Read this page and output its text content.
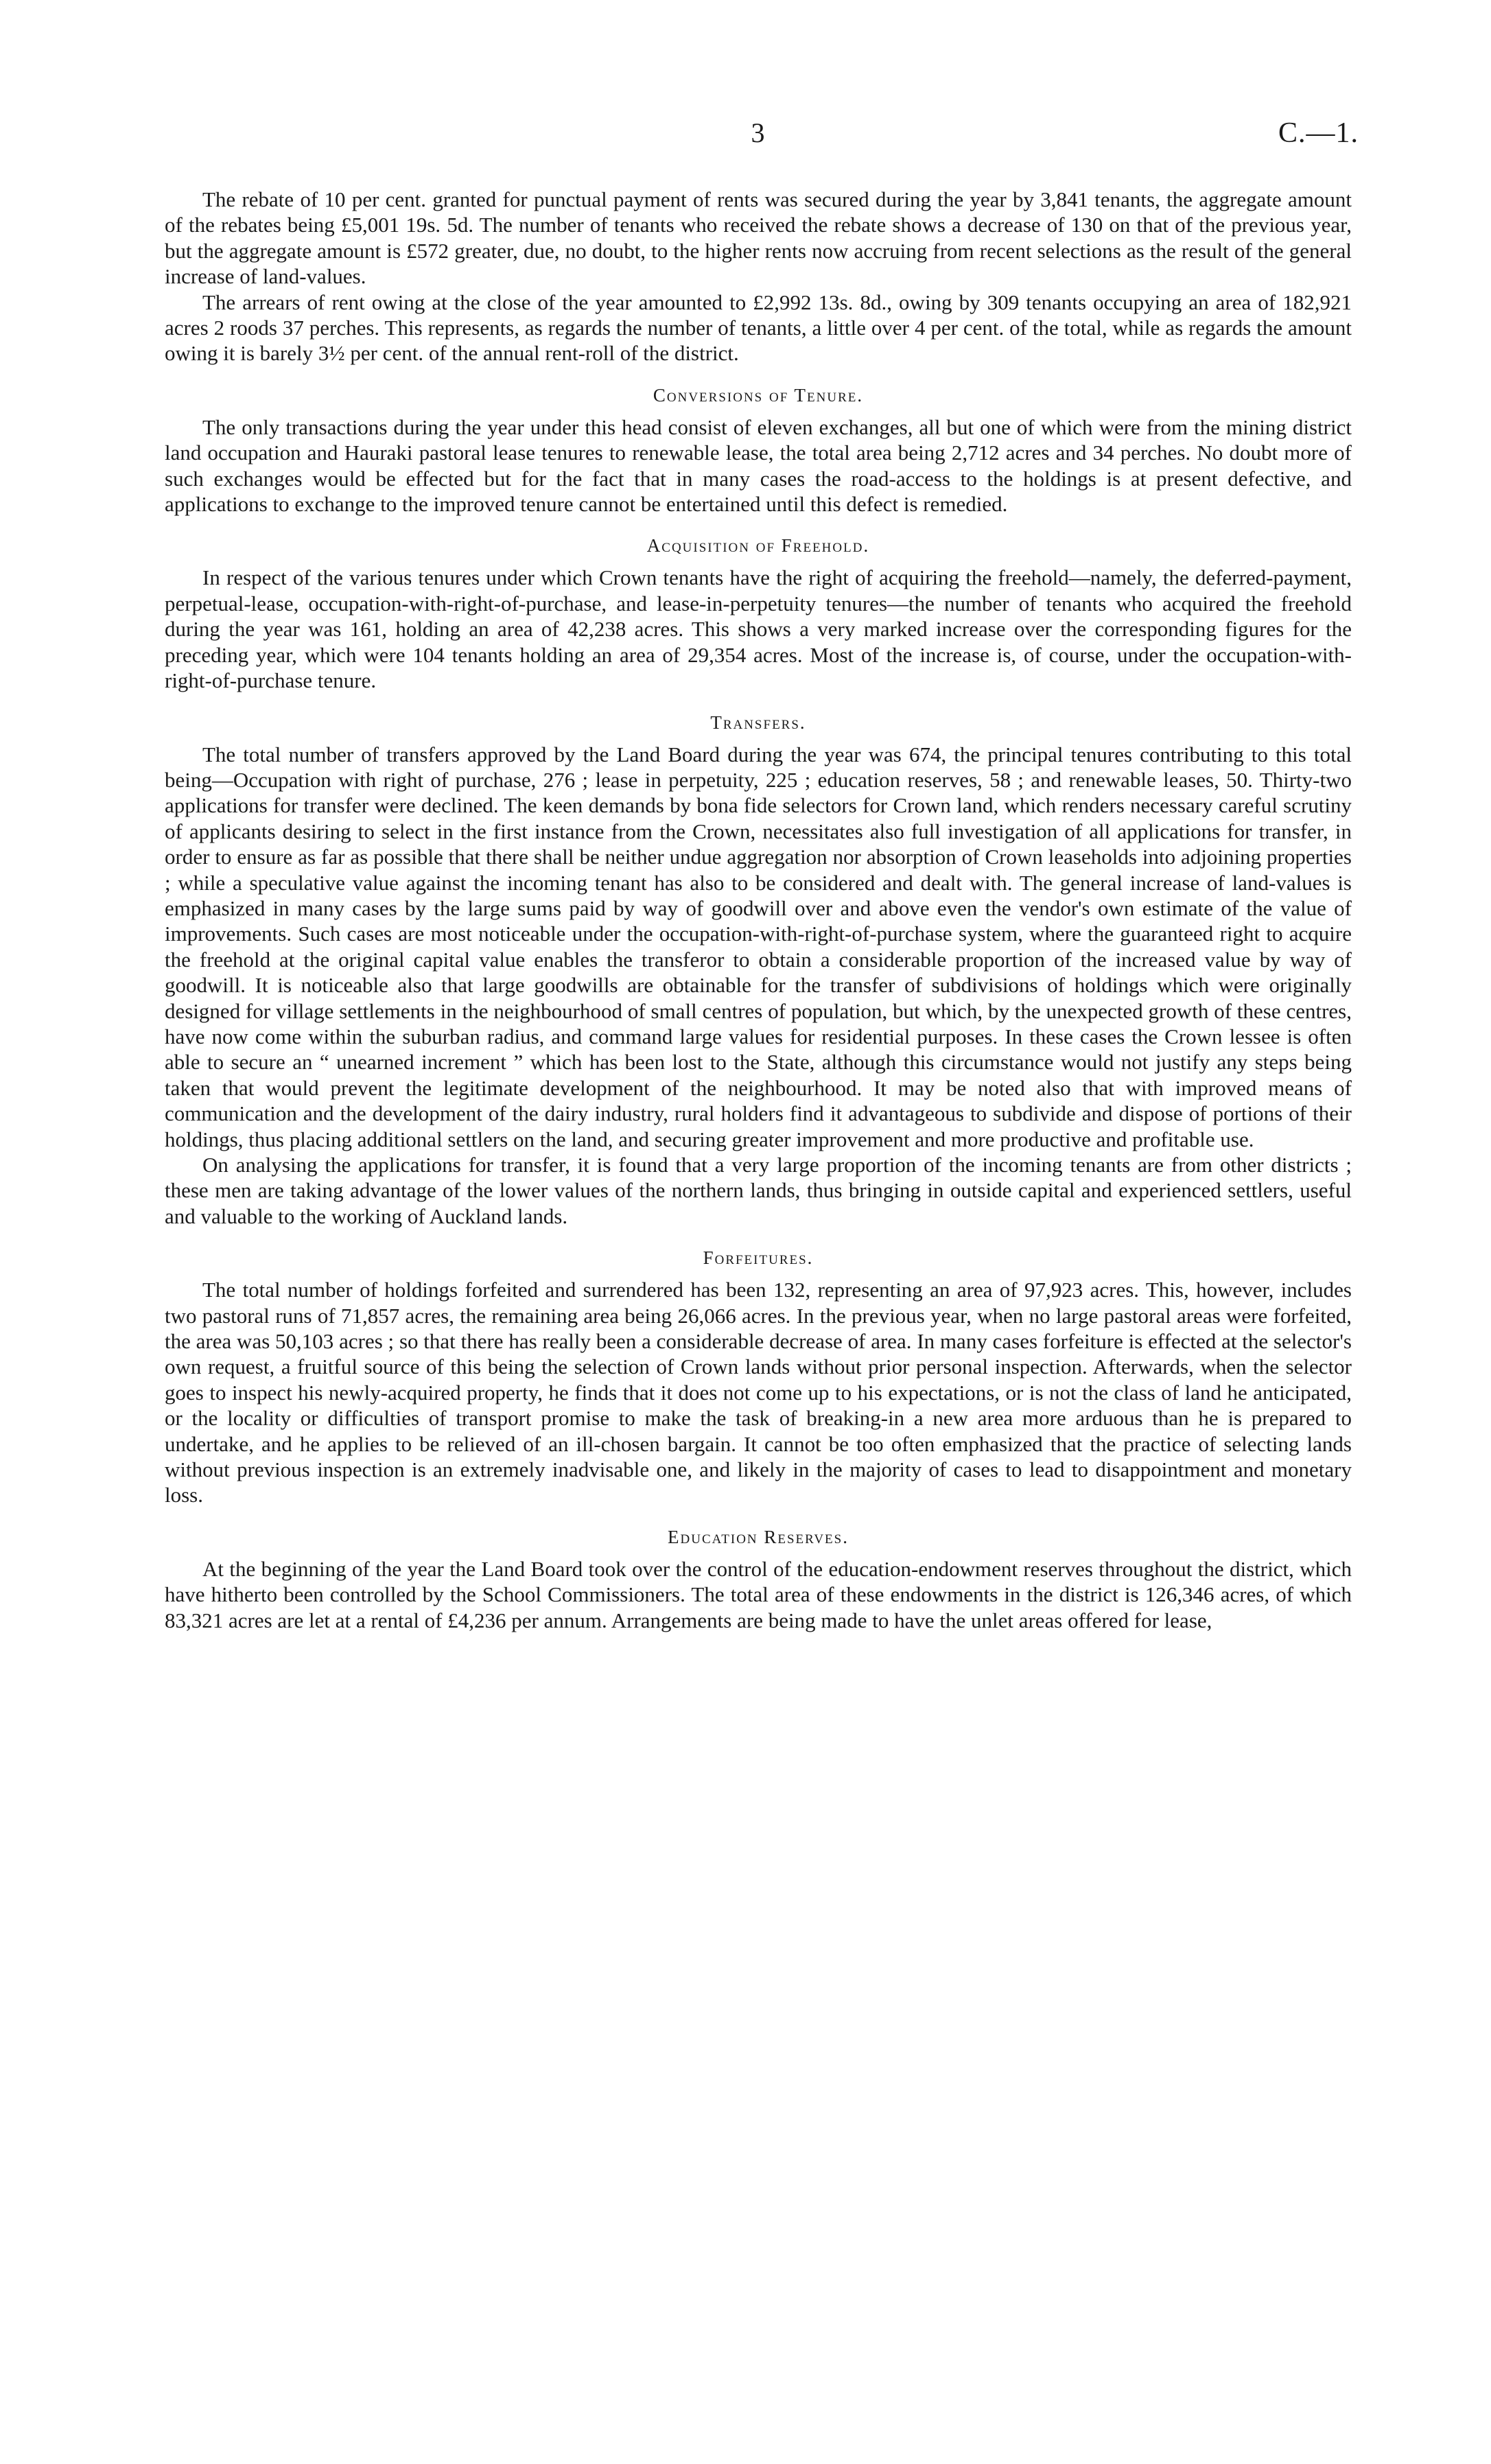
3	C.—1.

The rebate of 10 per cent. granted for punctual payment of rents was secured during the year by 3,841 tenants, the aggregate amount of the rebates being £5,001 19s. 5d. The number of tenants who received the rebate shows a decrease of 130 on that of the previous year, but the aggregate amount is £572 greater, due, no doubt, to the higher rents now accruing from recent selections as the result of the general increase of land-values.

The arrears of rent owing at the close of the year amounted to £2,992 13s. 8d., owing by 309 tenants occupying an area of 182,921 acres 2 roods 37 perches. This represents, as regards the number of tenants, a little over 4 per cent. of the total, while as regards the amount owing it is barely 3½ per cent. of the annual rent-roll of the district.

Conversions of Tenure.

The only transactions during the year under this head consist of eleven exchanges, all but one of which were from the mining district land occupation and Hauraki pastoral lease tenures to renewable lease, the total area being 2,712 acres and 34 perches. No doubt more of such exchanges would be effected but for the fact that in many cases the road-access to the holdings is at present defective, and applications to exchange to the improved tenure cannot be entertained until this defect is remedied.

Acquisition of Freehold.

In respect of the various tenures under which Crown tenants have the right of acquiring the freehold—namely, the deferred-payment, perpetual-lease, occupation-with-right-of-purchase, and lease-in-perpetuity tenures—the number of tenants who acquired the freehold during the year was 161, holding an area of 42,238 acres. This shows a very marked increase over the corresponding figures for the preceding year, which were 104 tenants holding an area of 29,354 acres. Most of the increase is, of course, under the occupation-with-right-of-purchase tenure.

Transfers.

The total number of transfers approved by the Land Board during the year was 674, the principal tenures contributing to this total being—Occupation with right of purchase, 276 ; lease in perpetuity, 225 ; education reserves, 58 ; and renewable leases, 50. Thirty-two applications for transfer were declined. The keen demands by bona fide selectors for Crown land, which renders necessary careful scrutiny of applicants desiring to select in the first instance from the Crown, necessitates also full investigation of all applications for transfer, in order to ensure as far as possible that there shall be neither undue aggregation nor absorption of Crown leaseholds into adjoining properties ; while a speculative value against the incoming tenant has also to be considered and dealt with. The general increase of land-values is emphasized in many cases by the large sums paid by way of goodwill over and above even the vendor's own estimate of the value of improvements. Such cases are most noticeable under the occupation-with-right-of-purchase system, where the guaranteed right to acquire the freehold at the original capital value enables the transferor to obtain a considerable proportion of the increased value by way of goodwill. It is noticeable also that large goodwills are obtainable for the transfer of subdivisions of holdings which were originally designed for village settlements in the neighbourhood of small centres of population, but which, by the unexpected growth of these centres, have now come within the suburban radius, and command large values for residential purposes. In these cases the Crown lessee is often able to secure an “ unearned increment ” which has been lost to the State, although this circumstance would not justify any steps being taken that would prevent the legitimate development of the neighbourhood. It may be noted also that with improved means of communication and the development of the dairy industry, rural holders find it advantageous to subdivide and dispose of portions of their holdings, thus placing additional settlers on the land, and securing greater improvement and more productive and profitable use.

On analysing the applications for transfer, it is found that a very large proportion of the incoming tenants are from other districts ; these men are taking advantage of the lower values of the northern lands, thus bringing in outside capital and experienced settlers, useful and valuable to the working of Auckland lands.

Forfeitures.

The total number of holdings forfeited and surrendered has been 132, representing an area of 97,923 acres. This, however, includes two pastoral runs of 71,857 acres, the remaining area being 26,066 acres. In the previous year, when no large pastoral areas were forfeited, the area was 50,103 acres ; so that there has really been a considerable decrease of area. In many cases forfeiture is effected at the selector's own request, a fruitful source of this being the selection of Crown lands without prior personal inspection. Afterwards, when the selector goes to inspect his newly-acquired property, he finds that it does not come up to his expectations, or is not the class of land he anticipated, or the locality or difficulties of transport promise to make the task of breaking-in a new area more arduous than he is prepared to undertake, and he applies to be relieved of an ill-chosen bargain. It cannot be too often emphasized that the practice of selecting lands without previous inspection is an extremely inadvisable one, and likely in the majority of cases to lead to disappointment and monetary loss.

Education Reserves.

At the beginning of the year the Land Board took over the control of the education-endowment reserves throughout the district, which have hitherto been controlled by the School Commissioners. The total area of these endowments in the district is 126,346 acres, of which 83,321 acres are let at a rental of £4,236 per annum. Arrangements are being made to have the unlet areas offered for lease,
